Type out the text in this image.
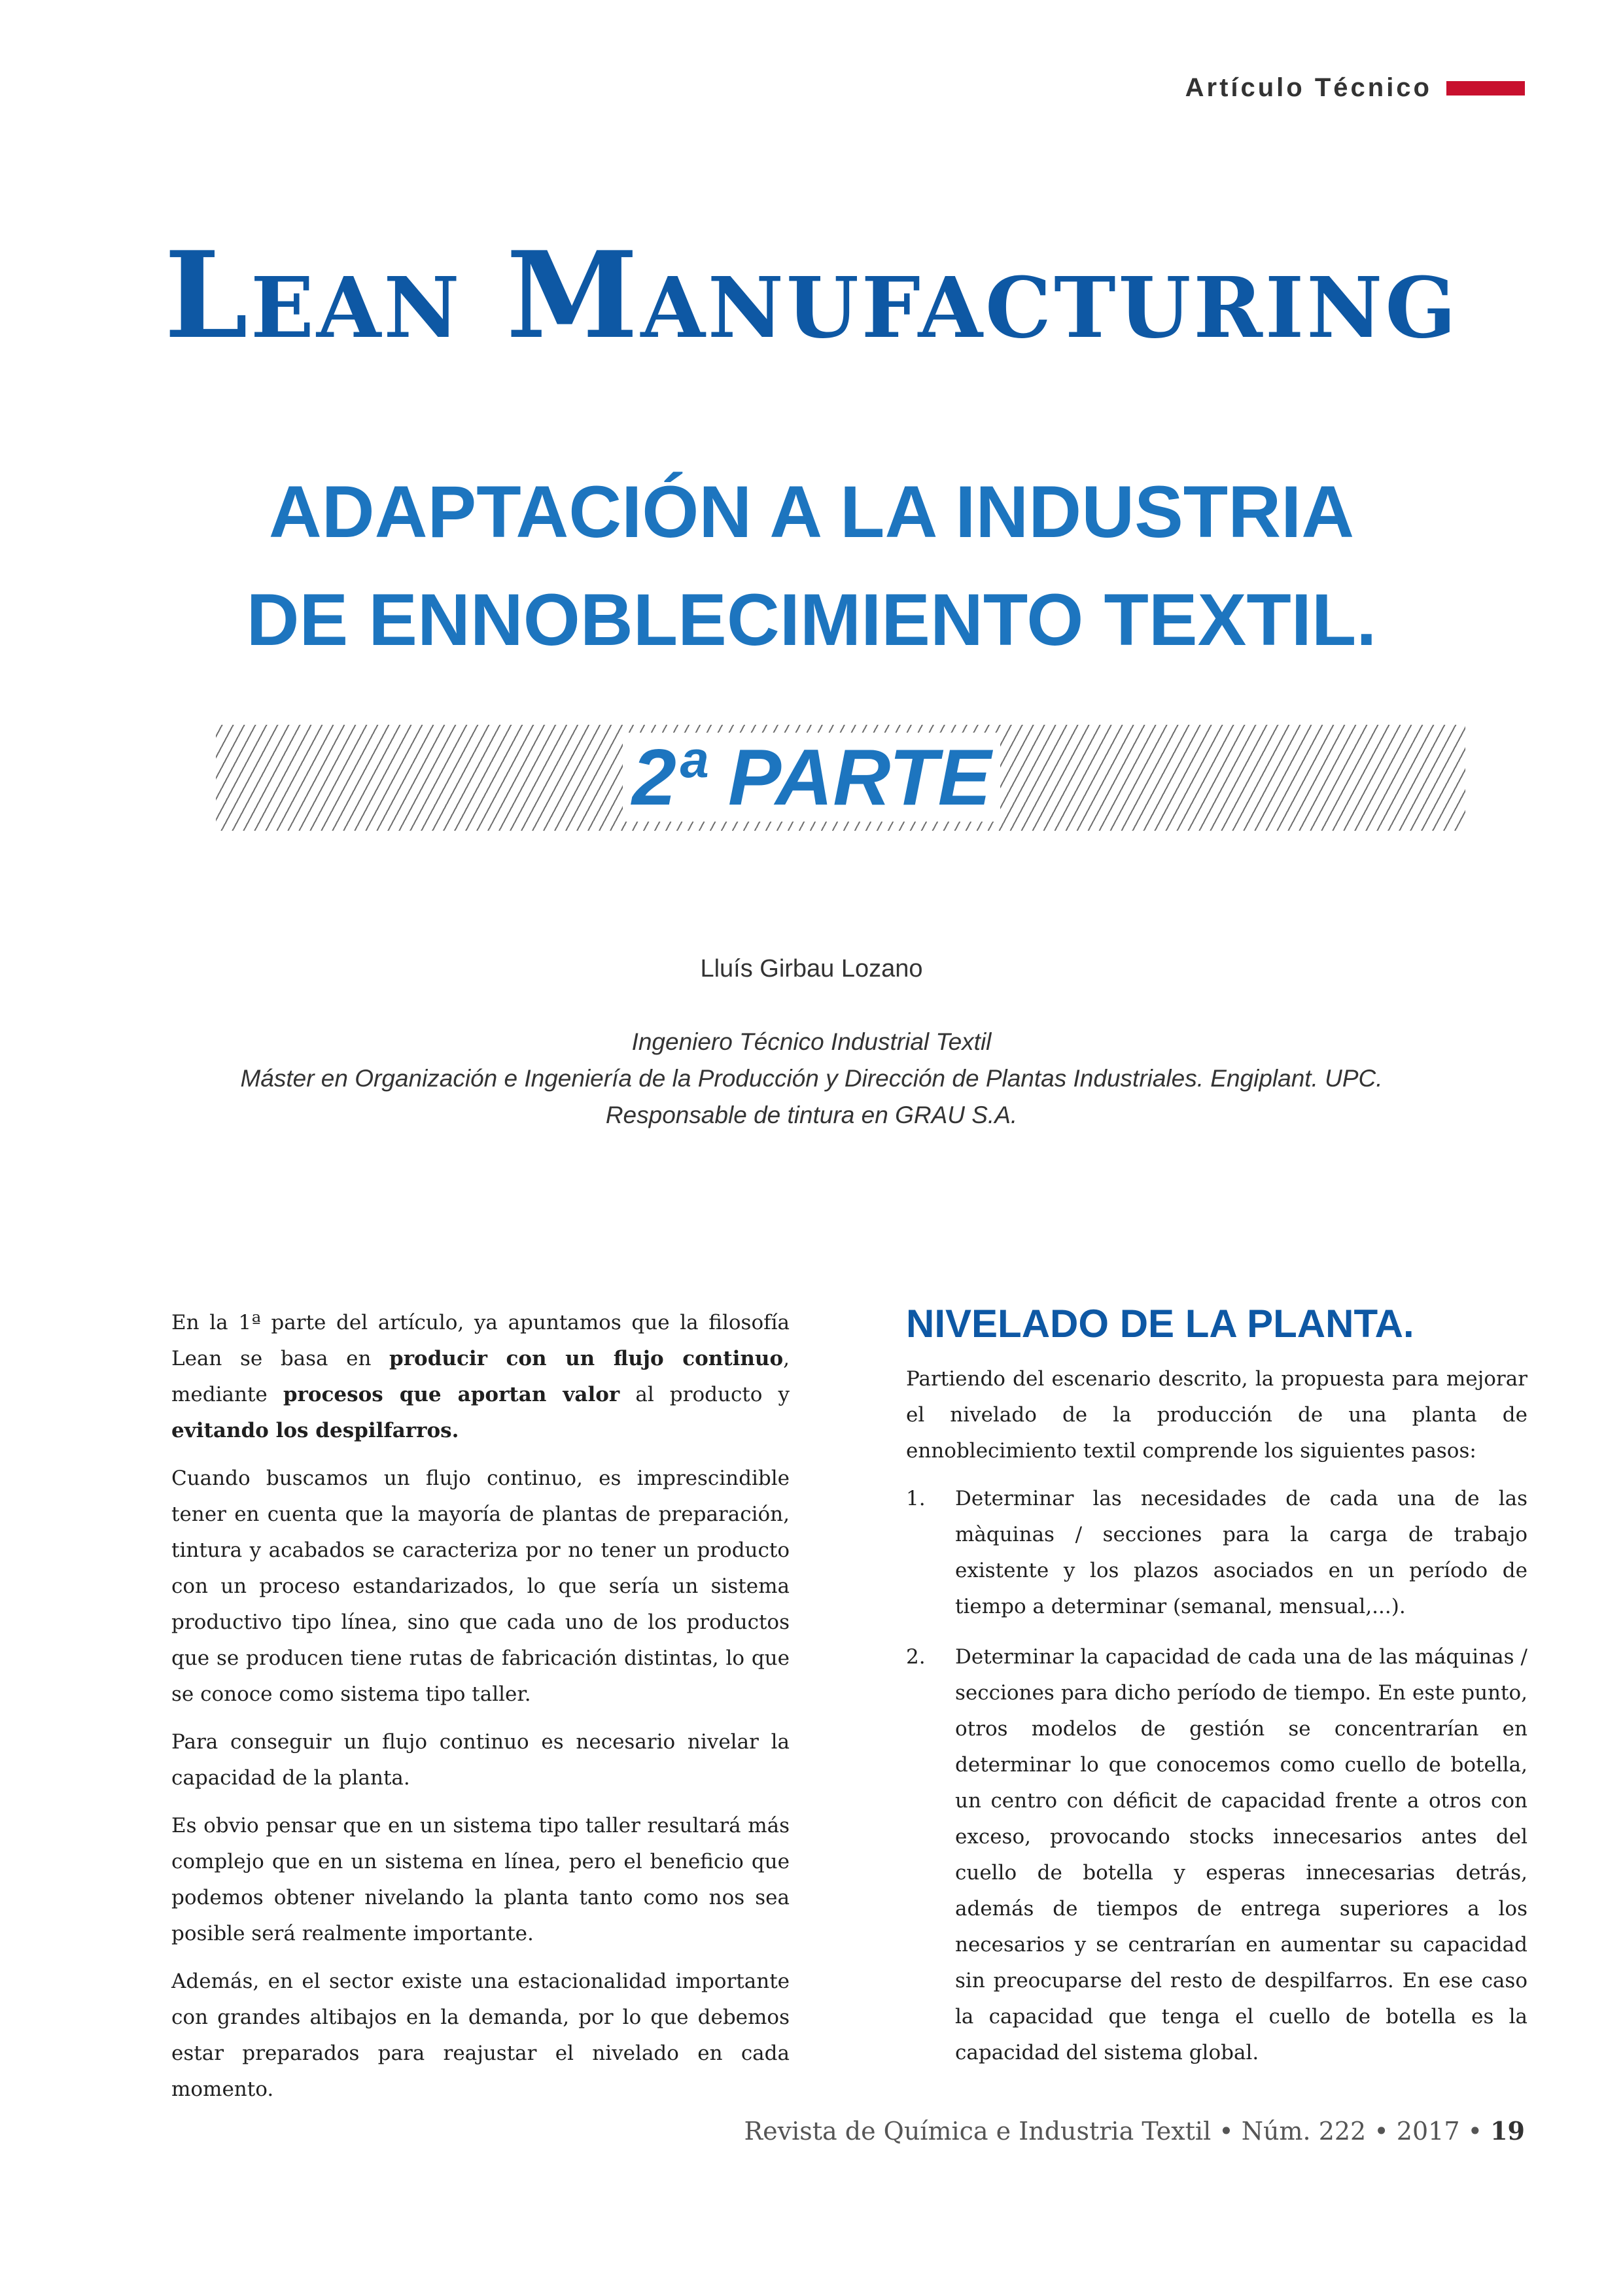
Artículo Técnico
Lean Manufacturing
ADAPTACIÓN A LA INDUSTRIA
DE ENNOBLECIMIENTO TEXTIL.
2ª PARTE
Lluís Girbau Lozano
Ingeniero Técnico Industrial Textil
Máster en Organización e Ingeniería de la Producción y Dirección de Plantas Industriales. Engiplant. UPC.
Responsable de tintura en GRAU S.A.

En la 1ª parte del artículo, ya apuntamos que la filosofía Lean se basa en producir con un flujo continuo, mediante procesos que aportan valor al producto y evitando los despilfarros.

Cuando buscamos un flujo continuo, es imprescindible tener en cuenta que la mayoría de plantas de preparación, tintura y acabados se caracteriza por no tener un producto con un proceso estandarizados, lo que sería un sistema productivo tipo línea, sino que cada uno de los productos que se producen tiene rutas de fabricación distintas, lo que se conoce como sistema tipo taller.

Para conseguir un flujo continuo es necesario nivelar la capacidad de la planta.

Es obvio pensar que en un sistema tipo taller resultará más complejo que en un sistema en línea, pero el beneficio que podemos obtener nivelando la planta tanto como nos sea posible será realmente importante.

Además, en el sector existe una estacionalidad importante con grandes altibajos en la demanda, por lo que debemos estar preparados para reajustar el nivelado en cada momento.

NIVELADO DE LA PLANTA.

Partiendo del escenario descrito, la propuesta para mejorar el nivelado de la producción de una planta de ennoblecimiento textil comprende los siguientes pasos:

1. Determinar las necesidades de cada una de las màquinas / secciones para la carga de trabajo existente y los plazos asociados en un período de tiempo a determinar (semanal, mensual,...).
2. Determinar la capacidad de cada una de las máquinas / secciones para dicho período de tiempo. En este punto, otros modelos de gestión se concentrarían en determinar lo que conocemos como cuello de botella, un centro con déficit de capacidad frente a otros con exceso, provocando stocks innecesarios antes del cuello de botella y esperas innecesarias detrás, además de tiempos de entrega superiores a los necesarios y se centrarían en aumentar su capacidad sin preocuparse del resto de despilfarros. En ese caso la capacidad que tenga el cuello de botella es la capacidad del sistema global.
Revista de Química e Industria Textil • Núm. 222 • 2017 • 19
